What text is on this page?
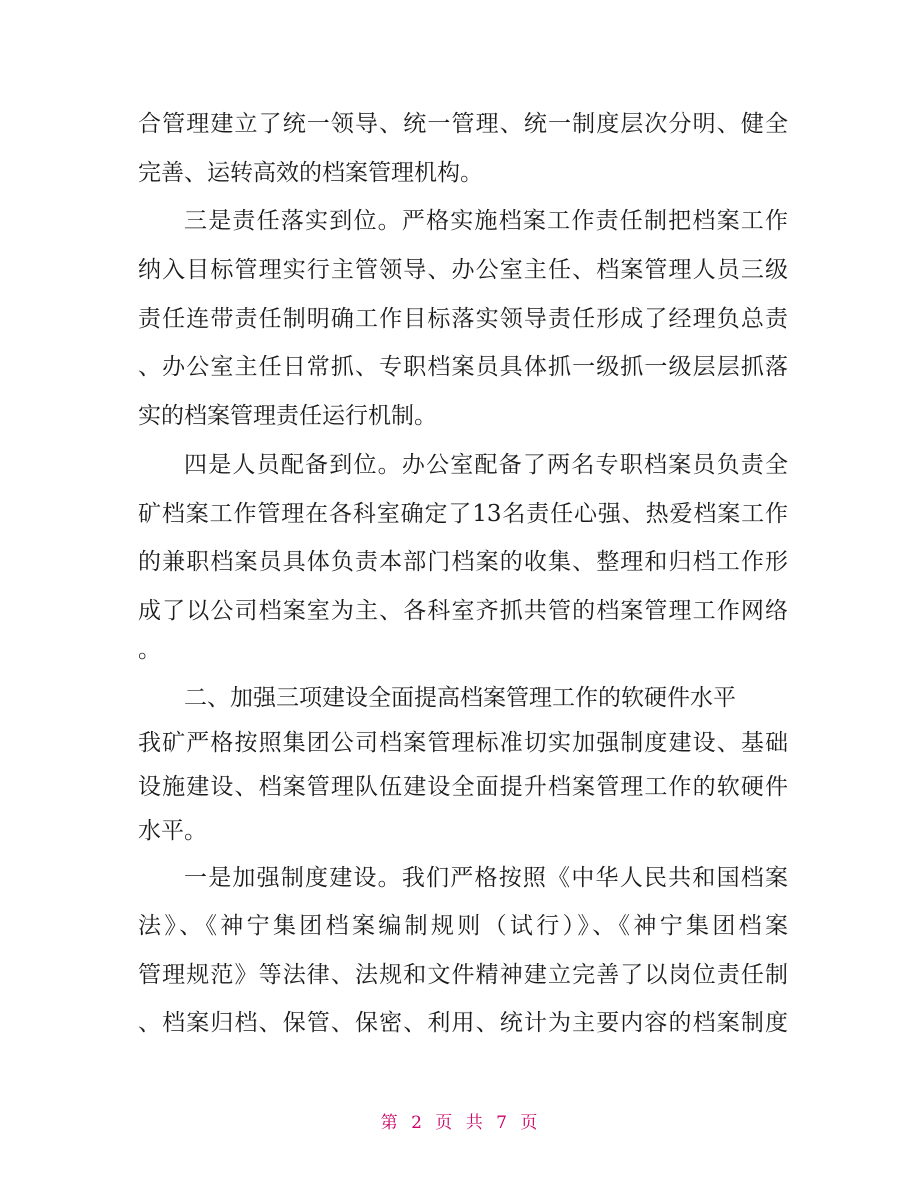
合管理建立了统一领导、统一管理、统一制度层次分明、健全
完善、运转高效的档案管理机构。
三是责任落实到位。严格实施档案工作责任制把档案工作
纳入目标管理实行主管领导、办公室主任、档案管理人员三级
责任连带责任制明确工作目标落实领导责任形成了经理负总责
、办公室主任日常抓、专职档案员具体抓一级抓一级层层抓落
实的档案管理责任运行机制。
四是人员配备到位。办公室配备了两名专职档案员负责全
矿档案工作管理在各科室确定了13名责任心强、热爱档案工作
的兼职档案员具体负责本部门档案的收集、整理和归档工作形
成了以公司档案室为主、各科室齐抓共管的档案管理工作网络
。
二、加强三项建设全面提高档案管理工作的软硬件水平
我矿严格按照集团公司档案管理标准切实加强制度建设、基础
设施建设、档案管理队伍建设全面提升档案管理工作的软硬件
水平。
一是加强制度建设。我们严格按照《中华人民共和国档案
法》、《神宁集团档案编制规则（试行）》、《神宁集团档案
管理规范》等法律、法规和文件精神建立完善了以岗位责任制
、档案归档、保管、保密、利用、统计为主要内容的档案制度
第 2 页 共 7 页
